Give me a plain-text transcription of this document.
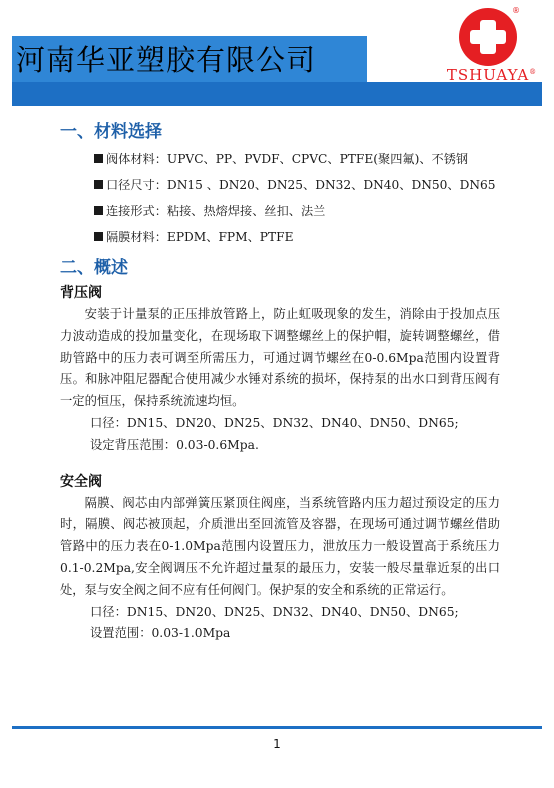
河南华亚塑胶有限公司
®
TSHUAYA®
一、材料选择
阀体材料：UPVC、PP、PVDF、CPVC、PTFE(聚四氟)、不锈钢
口径尺寸：DN15 、DN20、DN25、DN32、DN40、DN50、DN65
连接形式：粘接、热熔焊接、丝扣、法兰
隔膜材料：EPDM、FPM、PTFE
二、概述
背压阀

安装于计量泵的正压排放管路上，防止虹吸现象的发生，消除由于投加点压力波动造成的投加量变化，在现场取下调整螺丝上的保护帽，旋转调整螺丝，借助管路中的压力表可调至所需压力，可通过调节螺丝在0-0.6Mpa范围内设置背压。和脉冲阻尼器配合使用减少水锤对系统的损坏，保持泵的出水口到背压阀有一定的恒压，保持系统流速均恒。

口径：DN15、DN20、DN25、DN32、DN40、DN50、DN65;

设定背压范围：0.03-0.6Mpa.

安全阀

隔膜、阀芯由内部弹簧压紧顶住阀座，当系统管路内压力超过预设定的压力时，隔膜、阀芯被顶起，介质泄出至回流管及容器，在现场可通过调节螺丝借助管路中的压力表在0-1.0Mpa范围内设置压力，泄放压力一般设置高于系统压力0.1-0.2Mpa,安全阀调压不允许超过量泵的最压力，安装一般尽量靠近泵的出口处，泵与安全阀之间不应有任何阀门。保护泵的安全和系统的正常运行。

口径：DN15、DN20、DN25、DN32、DN40、DN50、DN65;

设置范围：0.03-1.0Mpa

1
